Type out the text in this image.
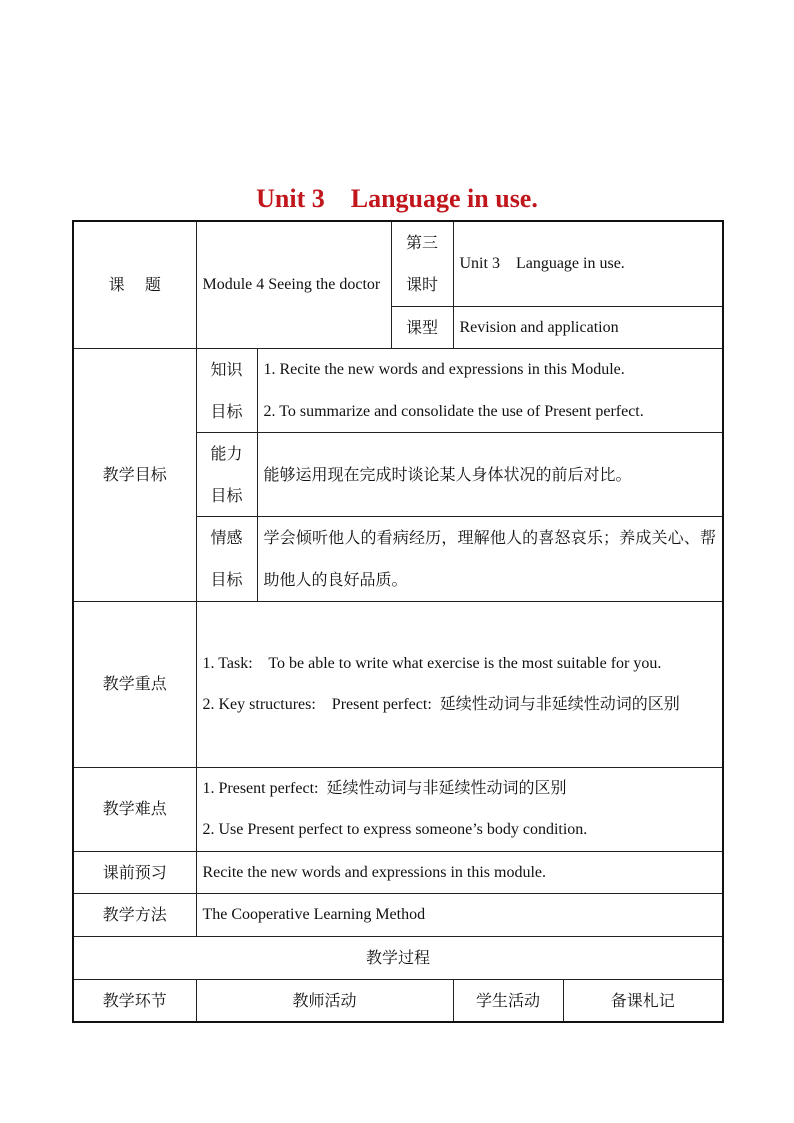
Unit 3    Language in use.
课    题	Module 4 Seeing the doctor		第三课时	Unit 3    Language in use.	
			课型	Revision and application	
教学目标	知识目标	1. Recite the new words and expressions in this Module.
2. To summarize and consolidate the use of Present perfect.			

	能力目标	能够运用现在完成时谈论某人身体状况的前后对比。			
	情感目标	学会倾听他人的看病经历，理解他人的喜怒哀乐；养成关心、帮助他人的良好品质。			
教学重点	1. Task:    To be able to write what exercise is the most suitable for you.
2. Key structures:    Present perfect:  延续性动词与非延续性动词的区别				

教学难点	1. Present perfect:  延续性动词与非延续性动词的区别
2. Use Present perfect to express someone’s body condition.				

课前预习	Recite the new words and expressions in this module.				
教学方法	The Cooperative Learning Method				
教学过程					
教学环节	教师活动			学生活动	备课札记
